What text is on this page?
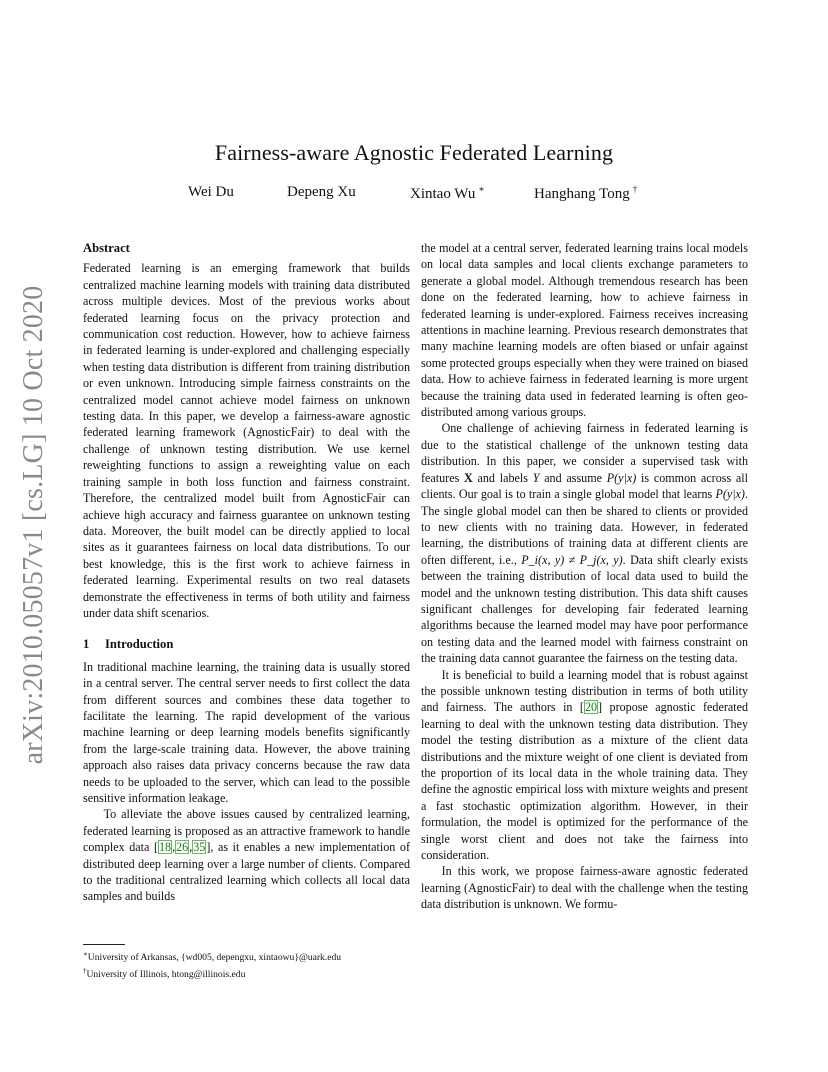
arXiv:2010.05057v1 [cs.LG] 10 Oct 2020
Fairness-aware Agnostic Federated Learning
Wei Du	Depeng Xu	Xintao Wu ∗	Hanghang Tong †
Abstract

Federated learning is an emerging framework that builds centralized machine learning models with training data distributed across multiple devices. Most of the previous works about federated learning focus on the privacy protection and communication cost reduction. However, how to achieve fairness in federated learning is under-explored and challenging especially when testing data distribution is different from training distribution or even unknown. Introducing simple fairness constraints on the centralized model cannot achieve model fairness on unknown testing data. In this paper, we develop a fairness-aware agnostic federated learning framework (AgnosticFair) to deal with the challenge of unknown testing distribution. We use kernel reweighting functions to assign a reweighting value on each training sample in both loss function and fairness constraint. Therefore, the centralized model built from AgnosticFair can achieve high accuracy and fairness guarantee on unknown testing data. Moreover, the built model can be directly applied to local sites as it guarantees fairness on local data distributions. To our best knowledge, this is the first work to achieve fairness in federated learning. Experimental results on two real datasets demonstrate the effectiveness in terms of both utility and fairness under data shift scenarios.

1 Introduction

In traditional machine learning, the training data is usually stored in a central server. The central server needs to first collect the data from different sources and combines these data together to facilitate the learning. The rapid development of the various machine learning or deep learning models benefits significantly from the large-scale training data. However, the above training approach also raises data privacy concerns because the raw data needs to be uploaded to the server, which can lead to the possible sensitive information leakage.

To alleviate the above issues caused by centralized learning, federated learning is proposed as an attractive framework to handle complex data [18,26,35], as it enables a new implementation of distributed deep learning over a large number of clients. Compared to the traditional centralized learning which collects all local data samples and builds

the model at a central server, federated learning trains local models on local data samples and local clients exchange parameters to generate a global model. Although tremendous research has been done on the federated learning, how to achieve fairness in federated learning is under-explored. Fairness receives increasing attentions in machine learning. Previous research demonstrates that many machine learning models are often biased or unfair against some protected groups especially when they were trained on biased data. How to achieve fairness in federated learning is more urgent because the training data used in federated learning is often geo-distributed among various groups.

One challenge of achieving fairness in federated learning is due to the statistical challenge of the unknown testing data distribution. In this paper, we consider a supervised task with features X and labels Y and assume P(y|x) is common across all clients. Our goal is to train a single global model that learns P(y|x). The single global model can then be shared to clients or provided to new clients with no training data. However, in federated learning, the distributions of training data at different clients are often different, i.e., P_i(x, y) ≠ P_j(x, y). Data shift clearly exists between the training distribution of local data used to build the model and the unknown testing distribution. This data shift causes significant challenges for developing fair federated learning algorithms because the learned model may have poor performance on testing data and the learned model with fairness constraint on the training data cannot guarantee the fairness on the testing data.

It is beneficial to build a learning model that is robust against the possible unknown testing distribution in terms of both utility and fairness. The authors in [20] propose agnostic federated learning to deal with the unknown testing data distribution. They model the testing distribution as a mixture of the client data distributions and the mixture weight of one client is deviated from the proportion of its local data in the whole training data. They define the agnostic empirical loss with mixture weights and present a fast stochastic optimization algorithm. However, in their formulation, the model is optimized for the performance of the single worst client and does not take the fairness into consideration.

In this work, we propose fairness-aware agnostic federated learning (AgnosticFair) to deal with the challenge when the testing data distribution is unknown. We formu-

∗University of Arkansas, {wd005, depengxu, xintaowu}@uark.edu
†University of Illinois, htong@illinois.edu
